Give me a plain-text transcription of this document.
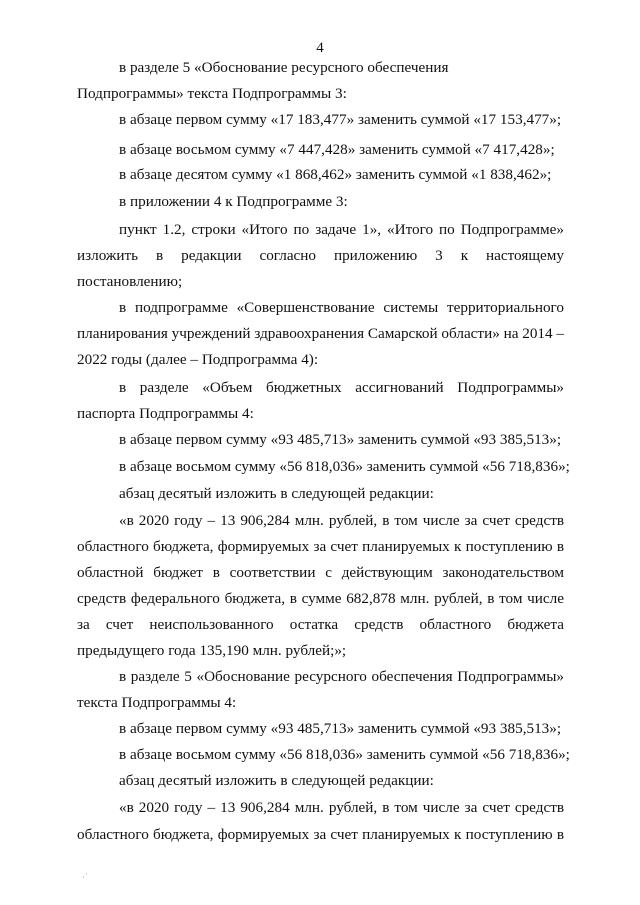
4
в разделе 5 «Обоснование ресурсного обеспечения
Подпрограммы» текста Подпрограммы 3:
в абзаце первом сумму «17 183,477» заменить суммой «17 153,477»;
в абзаце восьмом сумму «7 447,428» заменить суммой «7 417,428»;
в абзаце десятом сумму «1 868,462» заменить суммой «1 838,462»;
в приложении 4 к Подпрограмме 3:
пункт 1.2, строки «Итого по задаче 1», «Итого по Подпрограмме»
изложить в редакции согласно приложению 3 к настоящему
постановлению;
в подпрограмме «Совершенствование системы территориального
планирования учреждений здравоохранения Самарской области» на 2014 –
2022 годы (далее – Подпрограмма 4):
в разделе «Объем бюджетных ассигнований Подпрограммы»
паспорта Подпрограммы 4:
в абзаце первом сумму «93 485,713» заменить суммой «93 385,513»;
в абзаце восьмом сумму «56 818,036» заменить суммой «56 718,836»;
абзац десятый изложить в следующей редакции:
«в 2020 году – 13 906,284 млн. рублей, в том числе за счет средств
областного бюджета, формируемых за счет планируемых к поступлению в
областной бюджет в соответствии с действующим законодательством
средств федерального бюджета, в сумме 682,878 млн. рублей, в том числе
за счет неиспользованного остатка средств областного бюджета
предыдущего года 135,190 млн. рублей;»;
в разделе 5 «Обоснование ресурсного обеспечения Подпрограммы»
текста Подпрограммы 4:
в абзаце первом сумму «93 485,713» заменить суммой «93 385,513»;
в абзаце восьмом сумму «56 818,036» заменить суммой «56 718,836»;
абзац десятый изложить в следующей редакции:
«в 2020 году – 13 906,284 млн. рублей, в том числе за счет средств
областного бюджета, формируемых за счет планируемых к поступлению в
·˙
